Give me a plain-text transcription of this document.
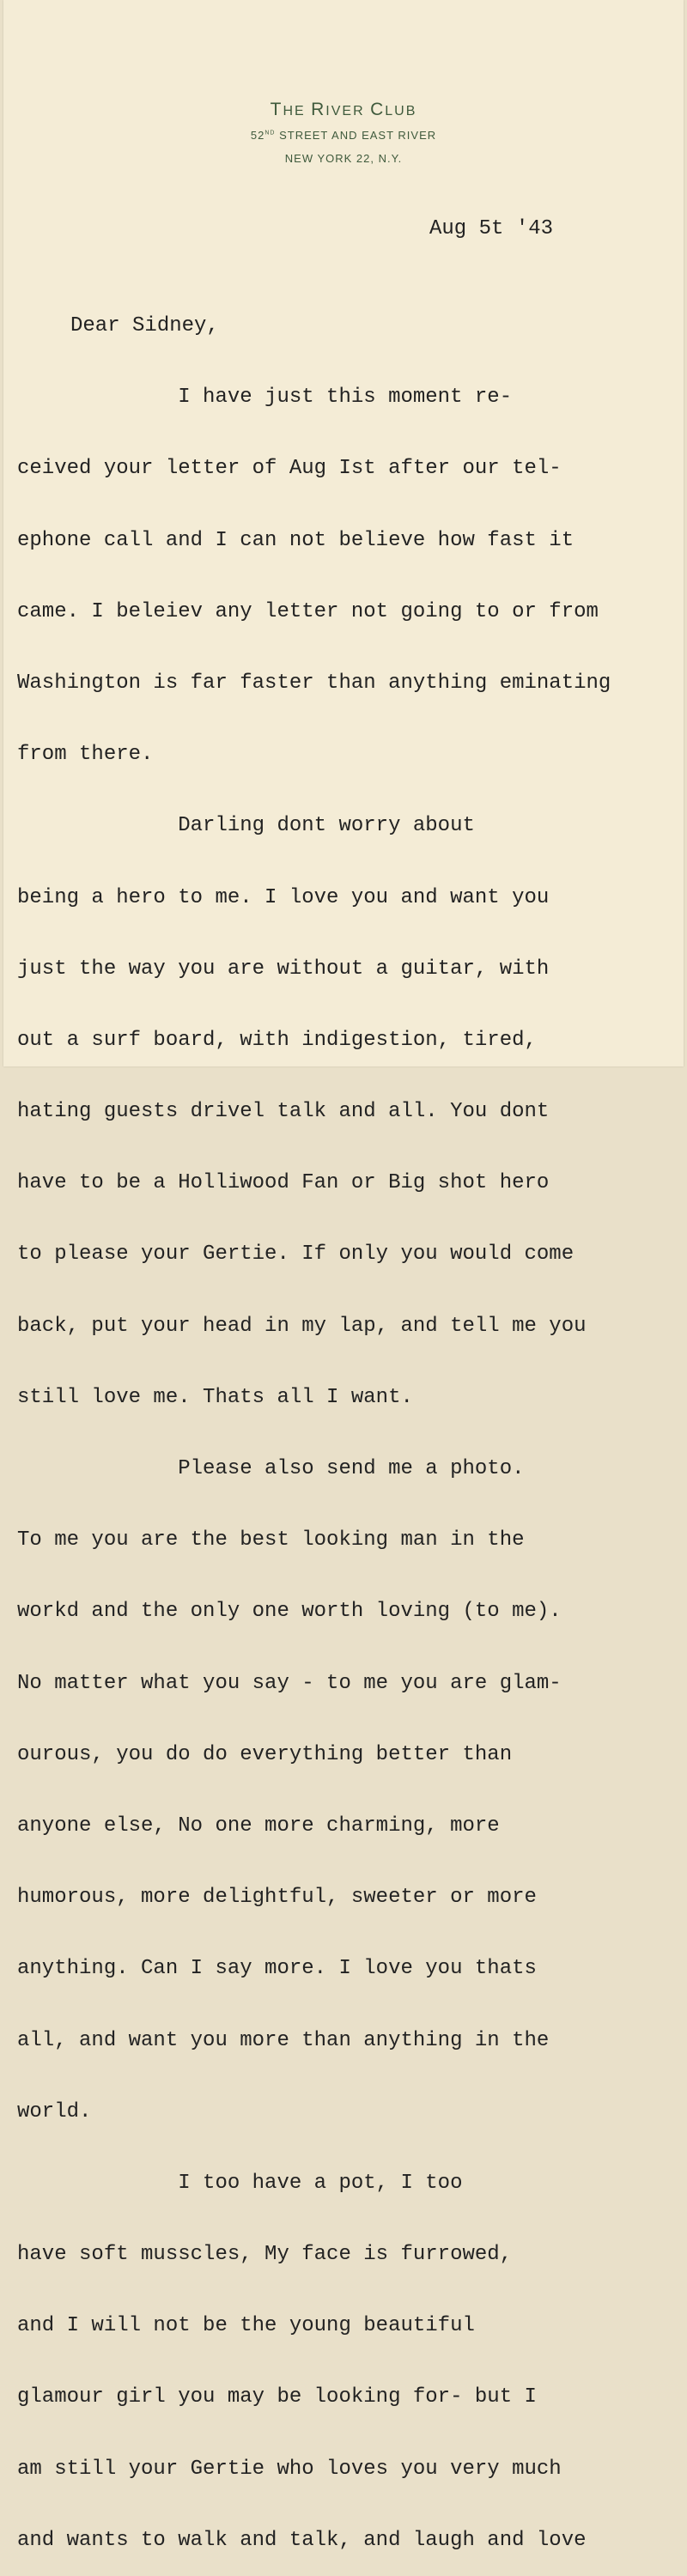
THE RIVER CLUB
52ND STREET AND EAST RIVER
NEW YORK 22, N.Y.
Aug 5t '43

Dear Sidney,

I have just this moment re-

ceived your letter of Aug Ist after our tel-

ephone call and I can not believe how fast it

came. I beleiev any letter not going to or from

Washington is far faster than anything eminating

from there.

Darling dont worry about

being a hero to me. I love you and want you

just the way you are without a guitar, with

out a surf board, with indigestion, tired,

hating guests drivel talk and all. You dont

have to be a Holliwood Fan or Big shot hero

to please your Gertie. If only you would come

back, put your head in my lap, and tell me you

still love me. Thats all I want.

Please also send me a photo.

To me you are the best looking man in the

workd and the only one worth loving (to me).

No matter what you say - to me you are glam-

ourous, you do do everything better than

anyone else, No one more charming, more

humorous, more delightful, sweeter or more

anything. Can I say more. I love you thats

all, and want you more than anything in the

world.

I too have a pot, I too

have soft musscles, My face is furrowed,

and I will not be the young beautiful

glamour girl you may be looking for- but I

am still your Gertie who loves you very much

and wants to walk and talk, and laugh and love
